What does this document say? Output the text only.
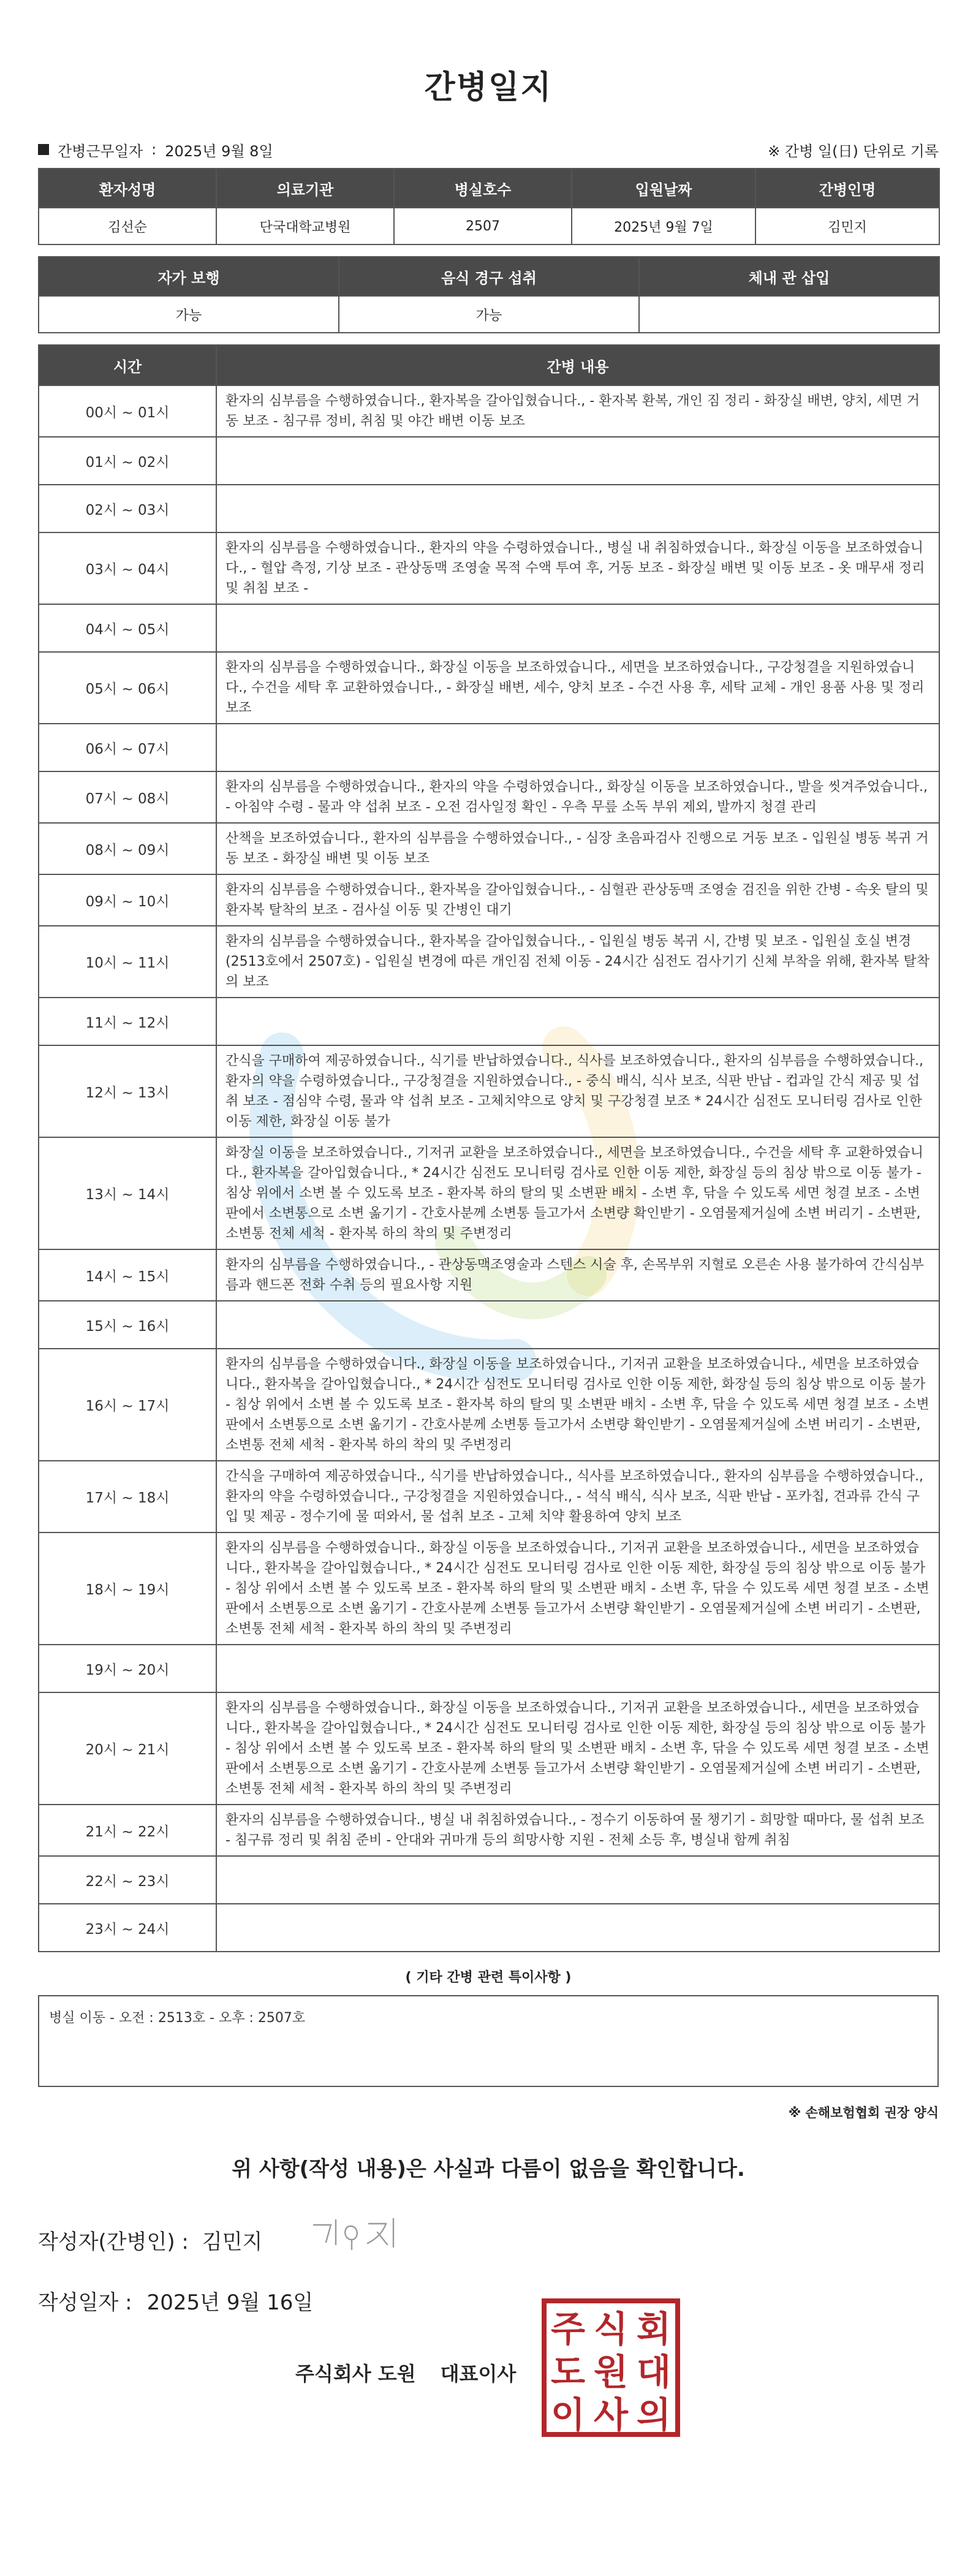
간병일지
간병근무일자 : 2025년 9월 8일	※ 간병 일(日) 단위로 기록
환자성명	의료기관	병실호수	입원날짜	간병인명
김선순	단국대학교병원	2507	2025년 9월 7일	김민지
자가 보행	음식 경구 섭취	체내 관 삽입
가능	가능	
시간	간병 내용
00시 ~ 01시	환자의 심부름을 수행하였습니다., 환자복을 갈아입혔습니다., - 환자복 환복, 개인 짐 정리 - 화장실 배변, 양치, 세면 거동 보조 - 침구류 정비, 취침 및 야간 배변 이동 보조
01시 ~ 02시	
02시 ~ 03시	
03시 ~ 04시	환자의 심부름을 수행하였습니다., 환자의 약을 수령하였습니다., 병실 내 취침하였습니다., 화장실 이동을 보조하였습니다., - 혈압 측정, 기상 보조 - 관상동맥 조영술 목적 수액 투여 후, 거동 보조 - 화장실 배변 및 이동 보조 - 옷 매무새 정리 및 취침 보조 -
04시 ~ 05시	
05시 ~ 06시	환자의 심부름을 수행하였습니다., 화장실 이동을 보조하였습니다., 세면을 보조하였습니다., 구강청결을 지원하였습니다., 수건을 세탁 후 교환하였습니다., - 화장실 배변, 세수, 양치 보조 - 수건 사용 후, 세탁 교체 - 개인 용품 사용 및 정리 보조
06시 ~ 07시	
07시 ~ 08시	환자의 심부름을 수행하였습니다., 환자의 약을 수령하였습니다., 화장실 이동을 보조하였습니다., 발을 씻겨주었습니다., - 아침약 수령 - 물과 약 섭취 보조 - 오전 검사일정 확인 - 우측 무릎 소독 부위 제외, 발까지 청결 관리
08시 ~ 09시	산책을 보조하였습니다., 환자의 심부름을 수행하였습니다., - 심장 초음파검사 진행으로 거동 보조 - 입원실 병동 복귀 거동 보조 - 화장실 배변 및 이동 보조
09시 ~ 10시	환자의 심부름을 수행하였습니다., 환자복을 갈아입혔습니다., - 심혈관 관상동맥 조영술 검진을 위한 간병 - 속옷 탈의 및 환자복 탈착의 보조 - 검사실 이동 및 간병인 대기
10시 ~ 11시	환자의 심부름을 수행하였습니다., 환자복을 갈아입혔습니다., - 입원실 병동 복귀 시, 간병 및 보조 - 입원실 호실 변경 (2513호에서 2507호) - 입원실 변경에 따른 개인짐 전체 이동 - 24시간 심전도 검사기기 신체 부착을 위해, 환자복 탈착의 보조
11시 ~ 12시	
12시 ~ 13시	간식을 구매하여 제공하였습니다., 식기를 반납하였습니다., 식사를 보조하였습니다., 환자의 심부름을 수행하였습니다., 환자의 약을 수령하였습니다., 구강청결을 지원하였습니다., - 중식 배식, 식사 보조, 식판 반납 - 컵과일 간식 제공 및 섭취 보조 - 점심약 수령, 물과 약 섭취 보조 - 고체치약으로 양치 및 구강청결 보조 * 24시간 심전도 모니터링 검사로 인한 이동 제한, 화장실 이동 불가
13시 ~ 14시	화장실 이동을 보조하였습니다., 기저귀 교환을 보조하였습니다., 세면을 보조하였습니다., 수건을 세탁 후 교환하였습니다., 환자복을 갈아입혔습니다., * 24시간 심전도 모니터링 검사로 인한 이동 제한, 화장실 등의 침상 밖으로 이동 불가 - 침상 위에서 소변 볼 수 있도록 보조 - 환자복 하의 탈의 및 소변판 배치 - 소변 후, 닦을 수 있도록 세면 청결 보조 - 소변판에서 소변통으로 소변 옮기기 - 간호사분께 소변통 들고가서 소변량 확인받기 - 오염물제거실에 소변 버리기 - 소변판, 소변통 전체 세척 - 환자복 하의 착의 및 주변정리
14시 ~ 15시	환자의 심부름을 수행하였습니다., - 관상동맥조영술과 스텐스 시술 후, 손목부위 지혈로 오른손 사용 불가하여 간식심부름과 핸드폰 전화 수취 등의 필요사항 지원
15시 ~ 16시	
16시 ~ 17시	환자의 심부름을 수행하였습니다., 화장실 이동을 보조하였습니다., 기저귀 교환을 보조하였습니다., 세면을 보조하였습니다., 환자복을 갈아입혔습니다., * 24시간 심전도 모니터링 검사로 인한 이동 제한, 화장실 등의 침상 밖으로 이동 불가 - 침상 위에서 소변 볼 수 있도록 보조 - 환자복 하의 탈의 및 소변판 배치 - 소변 후, 닦을 수 있도록 세면 청결 보조 - 소변판에서 소변통으로 소변 옮기기 - 간호사분께 소변통 들고가서 소변량 확인받기 - 오염물제거실에 소변 버리기 - 소변판, 소변통 전체 세척 - 환자복 하의 착의 및 주변정리
17시 ~ 18시	간식을 구매하여 제공하였습니다., 식기를 반납하였습니다., 식사를 보조하였습니다., 환자의 심부름을 수행하였습니다., 환자의 약을 수령하였습니다., 구강청결을 지원하였습니다., - 석식 배식, 식사 보조, 식판 반납 - 포카칩, 견과류 간식 구입 및 제공 - 정수기에 물 떠와서, 물 섭취 보조 - 고체 치약 활용하여 양치 보조
18시 ~ 19시	환자의 심부름을 수행하였습니다., 화장실 이동을 보조하였습니다., 기저귀 교환을 보조하였습니다., 세면을 보조하였습니다., 환자복을 갈아입혔습니다., * 24시간 심전도 모니터링 검사로 인한 이동 제한, 화장실 등의 침상 밖으로 이동 불가 - 침상 위에서 소변 볼 수 있도록 보조 - 환자복 하의 탈의 및 소변판 배치 - 소변 후, 닦을 수 있도록 세면 청결 보조 - 소변판에서 소변통으로 소변 옮기기 - 간호사분께 소변통 들고가서 소변량 확인받기 - 오염물제거실에 소변 버리기 - 소변판, 소변통 전체 세척 - 환자복 하의 착의 및 주변정리
19시 ~ 20시	
20시 ~ 21시	환자의 심부름을 수행하였습니다., 화장실 이동을 보조하였습니다., 기저귀 교환을 보조하였습니다., 세면을 보조하였습니다., 환자복을 갈아입혔습니다., * 24시간 심전도 모니터링 검사로 인한 이동 제한, 화장실 등의 침상 밖으로 이동 불가 - 침상 위에서 소변 볼 수 있도록 보조 - 환자복 하의 탈의 및 소변판 배치 - 소변 후, 닦을 수 있도록 세면 청결 보조 - 소변판에서 소변통으로 소변 옮기기 - 간호사분께 소변통 들고가서 소변량 확인받기 - 오염물제거실에 소변 버리기 - 소변판, 소변통 전체 세척 - 환자복 하의 착의 및 주변정리
21시 ~ 22시	환자의 심부름을 수행하였습니다., 병실 내 취침하였습니다., - 정수기 이동하여 물 챙기기 - 희망할 때마다, 물 섭취 보조 - 침구류 정리 및 취침 준비 - 안대와 귀마개 등의 희망사항 지원 - 전체 소등 후, 병실내 함께 취침
22시 ~ 23시	
23시 ~ 24시	
( 기타 간병 관련 특이사항 )
병실 이동 - 오전 : 2513호 - 오후 : 2507호
※ 손해보험협회 권장 양식
위 사항(작성 내용)은 사실과 다름이 없음을 확인합니다.
작성자(간병인) : 김민지
작성일자 : 2025년 9월 16일
주식회사 도원 대표이사
주 식 회
도 원 대
이 사 의
